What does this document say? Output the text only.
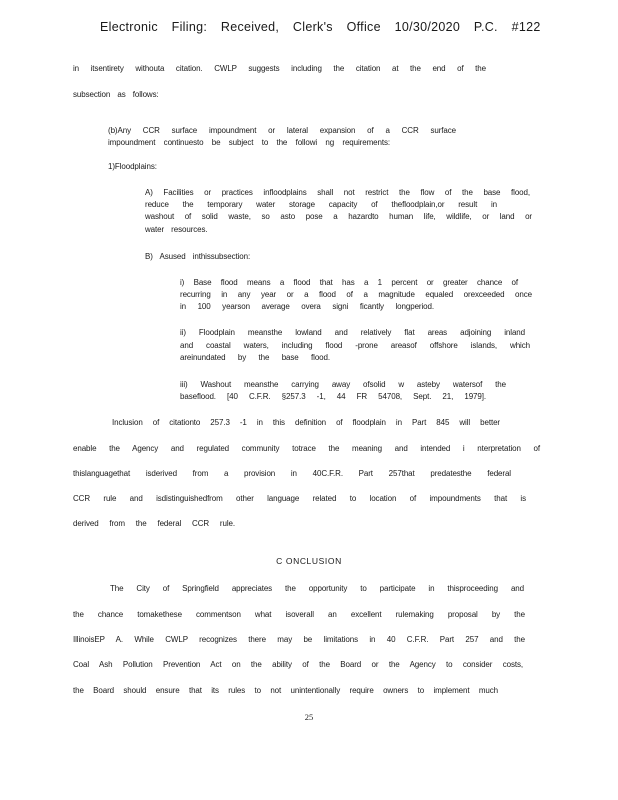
Electronic Filing: Received, Clerk's Office 10/30/2020 P.C. #122
in itsentirety withouta citation. CWLP suggests including the citation at the end of the
subsection as follows:
(b)Any CCR surface impoundment or lateral expansion of a CCR surface
impoundment continuesto be subject to the followi ng requirements:
1)Floodplains:
A) Facilities or practices infloodplains shall not restrict the flow of the base flood,
reduce the temporary water storage capacity of thefloodplain,or result in
washout of solid waste, so asto pose a hazardto human life, wildlife, or land or
water resources.
B) Asused inthissubsection:
i) Base flood means a flood that has a 1 percent or greater chance of
recurring in any year or a flood of a magnitude equaled orexceeded once
in 100 yearson average overa signi ficantly longperiod.
ii) Floodplain meansthe lowland and relatively flat areas adjoining inland
and coastal waters, including flood -prone areasof offshore islands, which
areinundated by the base flood.
iii) Washout meansthe carrying away ofsolid w asteby watersof the
baseflood. [40 C.F.R. §257.3 -1, 44 FR 54708, Sept. 21, 1979].
Inclusion of citationto 257.3 -1 in this definition of floodplain in Part 845 will better
enable the Agency and regulated community totrace the meaning and intended i nterpretation of
thislanguagethat isderived from a provision in 40C.F.R. Part 257that predatesthe federal
CCR rule and isdistinguishedfrom other language related to location of impoundments that is
derived from the federal CCR rule.
C ONCLUSION
The City of Springfield appreciates the opportunity to participate in thisproceeding and
the chance tomakethese commentson what isoverall an excellent rulemaking proposal by the
IllinoisEP A. While CWLP recognizes there may be limitations in 40 C.F.R. Part 257 and the
Coal Ash Pollution Prevention Act on the ability of the Board or the Agency to consider costs,
the Board should ensure that its rules to not unintentionally require owners to implement much
25
